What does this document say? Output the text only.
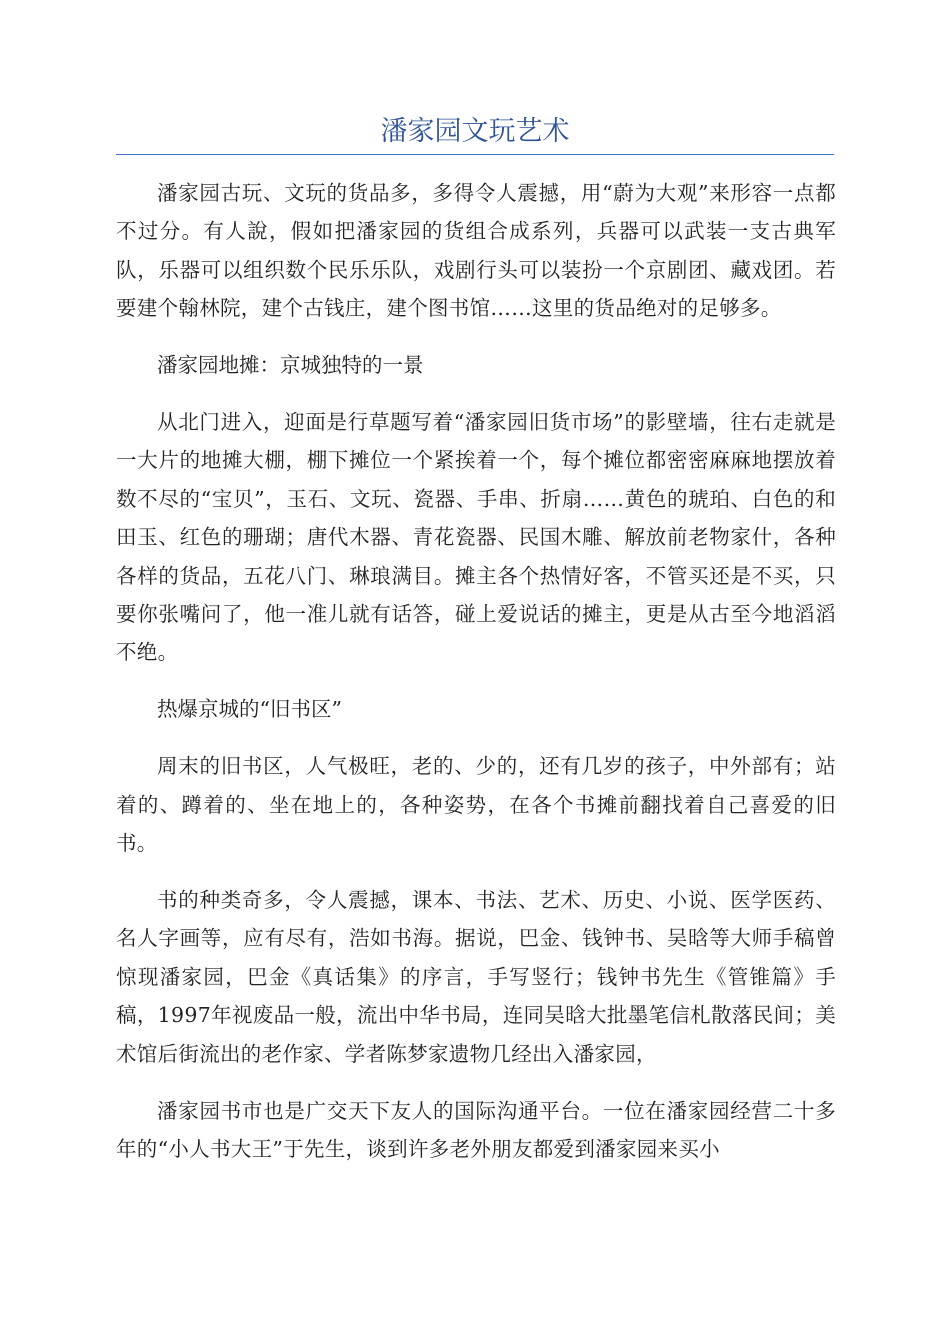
潘家园文玩艺术

潘家园古玩、文玩的货品多，多得令人震撼，用“蔚为大观”来形容一点都不过分。有人說，假如把潘家园的货组合成系列，兵器可以武装一支古典军队，乐器可以组织数个民乐乐队，戏剧行头可以装扮一个京剧团、藏戏团。若要建个翰林院，建个古钱庄，建个图书馆……这里的货品绝对的足够多。

潘家园地摊：京城独特的一景

从北门进入，迎面是行草题写着“潘家园旧货市场”的影壁墙，往右走就是一大片的地摊大棚，棚下摊位一个紧挨着一个，每个摊位都密密麻麻地摆放着数不尽的“宝贝”，玉石、文玩、瓷器、手串、折扇……黄色的琥珀、白色的和田玉、红色的珊瑚；唐代木器、青花瓷器、民国木雕、解放前老物家什，各种各样的货品，五花八门、琳琅满目。摊主各个热情好客，不管买还是不买，只要你张嘴问了，他一准儿就有话答，碰上爱说话的摊主，更是从古至今地滔滔不绝。

热爆京城的“旧书区”

周末的旧书区，人气极旺，老的、少的，还有几岁的孩子，中外部有；站着的、蹲着的、坐在地上的，各种姿势，在各个书摊前翻找着自己喜爱的旧书。

书的种类奇多，令人震撼，课本、书法、艺术、历史、小说、医学医药、名人字画等，应有尽有，浩如书海。据说，巴金、钱钟书、吴晗等大师手稿曾惊现潘家园，巴金《真话集》的序言，手写竖行；钱钟书先生《管锥篇》手稿，1997年视废品一般，流出中华书局，连同吴晗大批墨笔信札散落民间；美术馆后街流出的老作家、学者陈梦家遗物几经出入潘家园，

潘家园书市也是广交天下友人的国际沟通平台。一位在潘家园经营二十多年的“小人书大王”于先生，谈到许多老外朋友都爱到潘家园来买小
